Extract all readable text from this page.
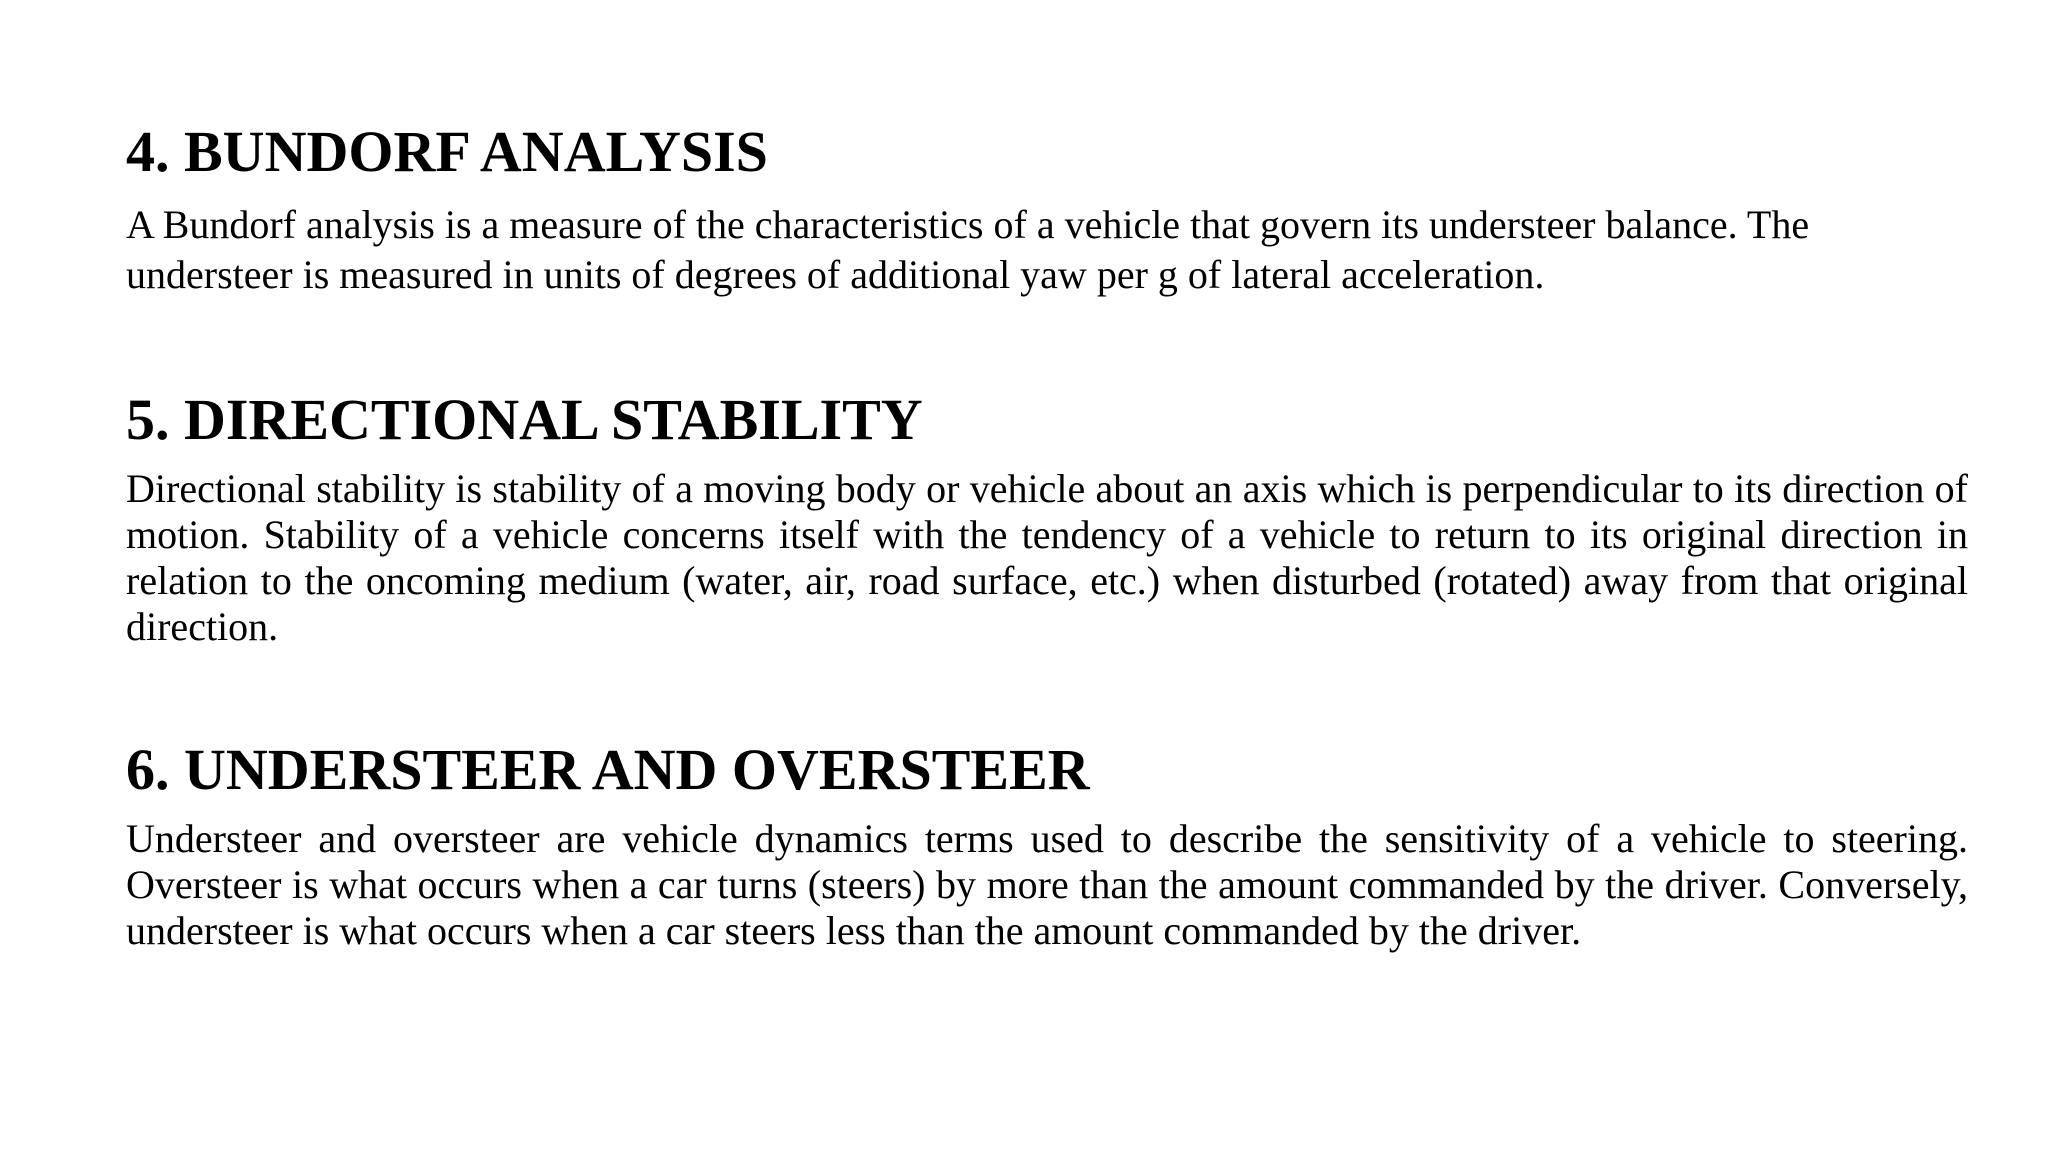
4. BUNDORF ANALYSIS

A Bundorf analysis is a measure of the characteristics of a vehicle that govern its understeer balance. The understeer is measured in units of degrees of additional yaw per g of lateral acceleration.

5. DIRECTIONAL STABILITY

Directional stability is stability of a moving body or vehicle about an axis which is perpendicular to its direction of motion. Stability of a vehicle concerns itself with the tendency of a vehicle to return to its original direction in relation to the oncoming medium (water, air, road surface, etc.) when disturbed (rotated) away from that original direction.

6. UNDERSTEER AND OVERSTEER

Understeer and oversteer are vehicle dynamics terms used to describe the sensitivity of a vehicle to steering. Oversteer is what occurs when a car turns (steers) by more than the amount commanded by the driver. Conversely, understeer is what occurs when a car steers less than the amount commanded by the driver.
